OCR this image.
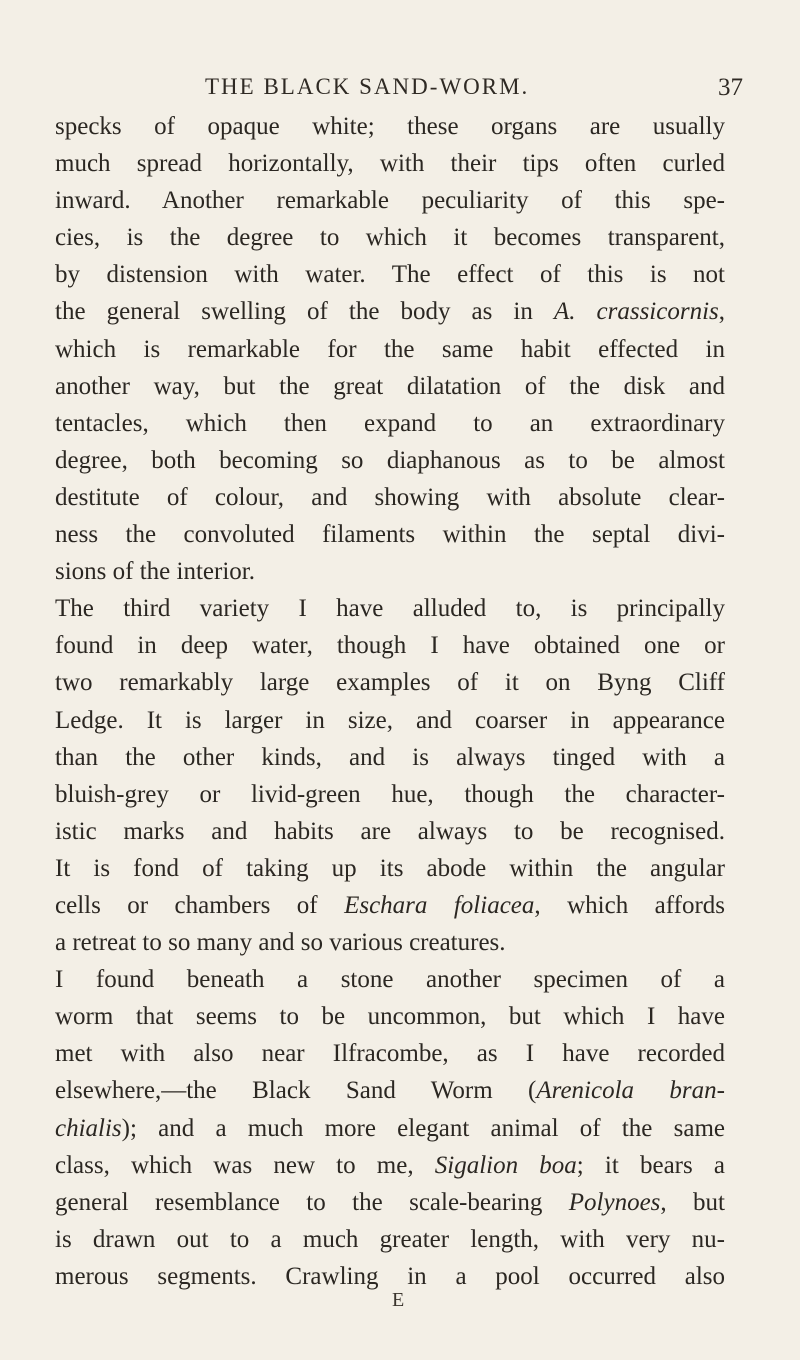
THE BLACK SAND-WORM.	37
specks of opaque white; these organs are usually
much spread horizontally, with their tips often curled
inward. Another remarkable peculiarity of this spe-
cies, is the degree to which it becomes transparent,
by distension with water. The effect of this is not
the general swelling of the body as in A. crassicornis,
which is remarkable for the same habit effected in
another way, but the great dilatation of the disk and
tentacles, which then expand to an extraordinary
degree, both becoming so diaphanous as to be almost
destitute of colour, and showing with absolute clear-
ness the convoluted filaments within the septal divi-
sions of the interior.
The third variety I have alluded to, is principally
found in deep water, though I have obtained one or
two remarkably large examples of it on Byng Cliff
Ledge. It is larger in size, and coarser in appearance
than the other kinds, and is always tinged with a
bluish-grey or livid-green hue, though the character-
istic marks and habits are always to be recognised.
It is fond of taking up its abode within the angular
cells or chambers of Eschara foliacea, which affords
a retreat to so many and so various creatures.
I found beneath a stone another specimen of a
worm that seems to be uncommon, but which I have
met with also near Ilfracombe, as I have recorded
elsewhere,—the Black Sand Worm (Arenicola bran-
chialis); and a much more elegant animal of the same
class, which was new to me, Sigalion boa; it bears a
general resemblance to the scale-bearing Polynoes, but
is drawn out to a much greater length, with very nu-
merous segments. Crawling in a pool occurred also
E
